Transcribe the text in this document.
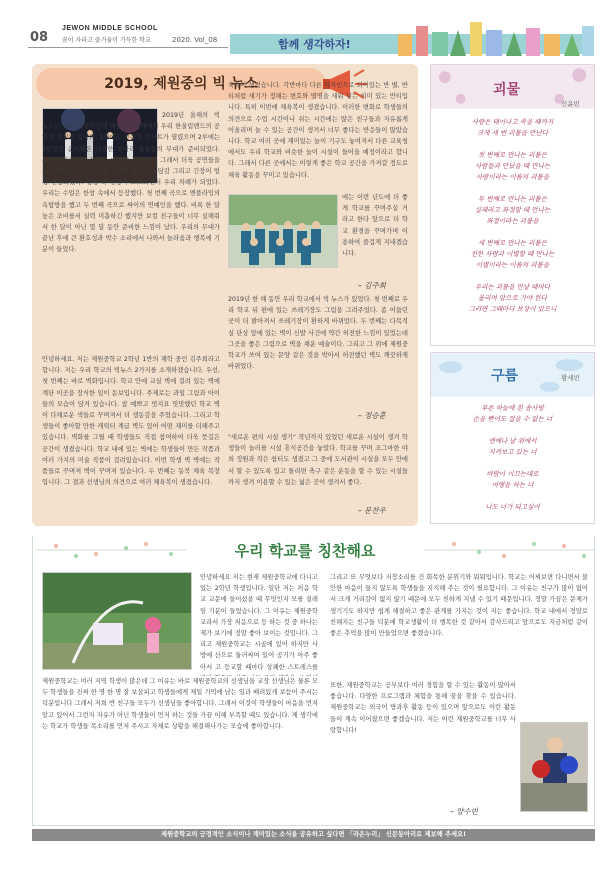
08
JEWON MIDDLE SCHOOL
꿈이 자라고 즐거움이 가득한 학교	2020. Vol_08	함께 생각하자!
2019, 제원중의 빅 뉴스
2019년 올해의 빅 뉴스는 아마 지유학년제 예술연합축제에서 우리 한울림밴드의 공연이 결정된 일이다. 1학에는 인문학 콘서트가 열렸으며 2부에는 1년동안 준비해온 다양한 동아리 활동들의 무대가 준비되었다. 우리 한울림 밴드는 2부 마지막 무대였다. 그래서 더욱 공연들을 구경하면서 노는데 점점 기대와 설레임 부담감 그리고 긴장이 엄청 긴장되었다. 생생 더 긴장이 고조되면서 우리 차례가 되었다. 우리는 수업은 한창 속에서 등장했다. 첫 번째 곡으로 엔플라잉의 옥탑방을 했고 두 번째 곡으로 싸이의 연예인을 했다. 비록 한 달 높은 조비를서 실력 미흡하긴 했지만 보컬 친구들이 너무 실해줘서 한 달이 아닌 몇 달 동안 준비한 느낌이 났다. 우리의 무대가 끝난 후에 큰 환호성과 박수 소리에서 나와서 놀라움과 행복에 기분이 들었다.
안녕하세요. 저는 제원중학교 2학년 1반의 재학 중인 김주희라고 합니다. 저는 우리 학교의 빅뉴스 2가지를 소개하겠습니다. 우선, 첫 번째는 바로 벽화입니다. 학교 안에 교실 벽에 걸려 있는 벽에 계단 이곳을 장식한 일이 돋보입니다. 주제로는 과일 그림과 아이들의 모습이 담겨 있습니다. 참 예쁘고 멋지요 밋밋했던 학교 벽이 다채로운 색들로 꾸며져서 더 생동감을 주었습니다. 그리고 학생들이 좋아할 만한 캐릭터 계급 벽도 있어 어떤 재미를 더해주고 있습니다. 벽화를 그릴 때 학생들도 직접 참여하여 더욱 뜻깊은 공간이 생겼습니다. 학교 내에 있는 벽에는 학생들이 만든 작품과 여러 가지의 미술 작품이 걸려있습니다. 이번 학생 벽 벽에는 작품들로 꾸며져 벽이 꾸며져 있습니다. 두 번째는 동북 체육 복장입니다. 그 결과 선생님의 의견으로 여러 체육복이 생겼습니다.
육복이 생겼습니다. 각반마다 다른 디자인으로 되어있는 반 별, 반티처럼 새기가 정해는 변호와 별명을 새워 넣는 의미 있는 반티입니다. 특히 이번에 체육복이 생겼습니다. 이러한 변화로 학생들의 의견으로 수업 시간이나 쉬는 시간에는 많은 친구들과 자유롭게 어울리며 놀 수 있는 공간이 생겨서 너무 좋다는 반응들이 많았습니다. 학교 여러 곳에 재미있는 놀이 기구도 놓여져서 다른 교육청에서도 우리 학교와 비슷한 놀이 시설이 들어올 예정이라고 합니다. 그래서 다른 곳에서는 이렇게 좋은 학교 공간을 가져갈 정도로 체육 활동을 꾸미고 있습니다.
에는 이번 년도에 더 좋게 학교를 꾸며주실 거라고 한다 앞으로 더 학교 환경을 꾸며가며 이용하여 즐겁게 지내겠습니다.
– 김주희
2019년 한 해 동안 우리 학교에서 빅 뉴스가 있었다. 첫 번째로 우리 학교 뒤 편에 있는 쓰레기장도 그림을 그려주었다. 좀 어둡던 곳이 더 밝아져서 쓰레기장이 환하게 바뀌었다. 두 번째는 다목적실 단상 앞에 있는 벽이 신발 사건에 약간 허전한 느낌이 있었는데 그곳을 좋은 그림으로 벽을 채운 예술이다. 그리고 그 위에 제원중학교가 쓰여 있는 문양 같은 것을 박아서 허전했던 벽도 깨끗하게 바뀌었다.
– 정승훈
"새로운 편의 시설 생기" 작년까지 있었던 새로운 시설이 생겨 학생들이 놀러를 시설 휴식공간을 놓았다. 학교를 꾸며 조그마한 야외 정원과 작은 쉼터도 생겼고 그 중에 도서관이 시설을 모두 안에서 할 수 있도록 있고 돌리면 축구 같은 운동을 할 수 있는 시설들까지 생겨 이용할 수 있는 넓은 곳이 생겨서 좋다.
– 문찬우
괴물
신윤빈
사람은 태어나고 죽을 때까지
크게 세 번 괴물을 만난다

첫 번째로 만나는 괴물은
사람들과 만났을 때 만나는
사랑이라는 이름의 괴물을

두 번째로 만나는 괴물은
실패라고 좌절할 때 만나는
좌절이라는 괴물을

세 번째로 만나는 괴물은
친한 사람과 이별할 때 만나는
이별이라는 이름의 괴물을

우리는 괴물을 만날 때마다
울리며 앞으로 가야 한다
그러면 그때마다 보상이 있으니
구름	황세빈
푸른 하늘에 흰 솜사탕
손을 뻗어도 잡을 수 없는 너

엔에나 날 위에서
지켜보고 있는 너

바람이 이끄는대로
여행을 하는 너

나도 너가 되고싶어
우리 학교를 칭찬해요
안녕하세요 저는 현재 제원중학교에 다니고 있는 2학년 학생입니다. 일단 저는 처음 학교 교문에 들어섰을 때 무엇인지 모를 설레임 기분이 들었습니다. 그 이유는 제원중학교라서 가장 처음으로 등 하는 것 중 하나는 제가 보기에 정말 좋아 보이는 것입니다. 그리고 제원중학교는 시골에 있어 하지만 사방에 산으로 둘러싸여 있어 공기가 아주 좋아서 고 등교할 때마다 상쾌한 스트레스를
제원중학교는 여러 지역 학생이 많은데 그 이유는 바로 제원중학교의 선생님들 교장 선생님은 물론 모두 학생들을 진짜 한 명 한 명 잘 보살피고 학생들에게 제일 기억에 남는 일과 배려있게 보듬어 주시는 덕분입니다 그래서 저희 반 친구들 모두가 선생님들 좋아합니다. 그래서 이것이 학생들이 마음을 먼저 알고 있어서 그런지 자유가 아닌 학생들이 먼저 하는 것들 가끔 이해 부족할 때도 있습니다. 제 생각에는 학교가 학생들 목소리를 먼저 주시고 자체로 상황을 해결해나가는 모습에 좋아합니다.
그리고 또 무엇보다 저장소리를 건 화목한 분위기와 뭐뭐입니다. 학교는 어찌보면 다니면서 불안한 마음이 들지 않도록 학생들을 지지해 주는 것이 필요합니다. 그 이유는 친구가 많이 없어서 크게 거리감이 없지 않기 때문에 모두 친하게 지낼 수 있기 때문입니다. 정말 가끔은 문제가 생기기도 하지만 쉽게 해결하고 좋은 관계를 가지는 것이 저는 좋습니다. 학교 내에서 정말로 친해지는 친구들 덕분에 학교생활이 더 행복한 것 같아서 감사드리고 앞으로도 지금처럼 같이 좋은 추억을 많이 만들었으면 좋겠습니다.
또한, 제원중학교는 공부보다 여러 경험을 할 수 있는 활동이 많아서 좋습니다. 다양한 프로그램과 체험을 통해 꿈을 찾을 수 있습니다. 제원중학교는 외국어 방과후 활동 등이 있으며 앞으로도 이런 활동들이 계속 이어졌으면 좋겠습니다. 저는 이런 제원중학교를 너무 사랑합니다!
– 양수빈
제원중학교의 긍정적인 소식이나 재미있는 소식을 공유하고 싶다면 「라온누리」 신문동아리로 제보해 주세요!
